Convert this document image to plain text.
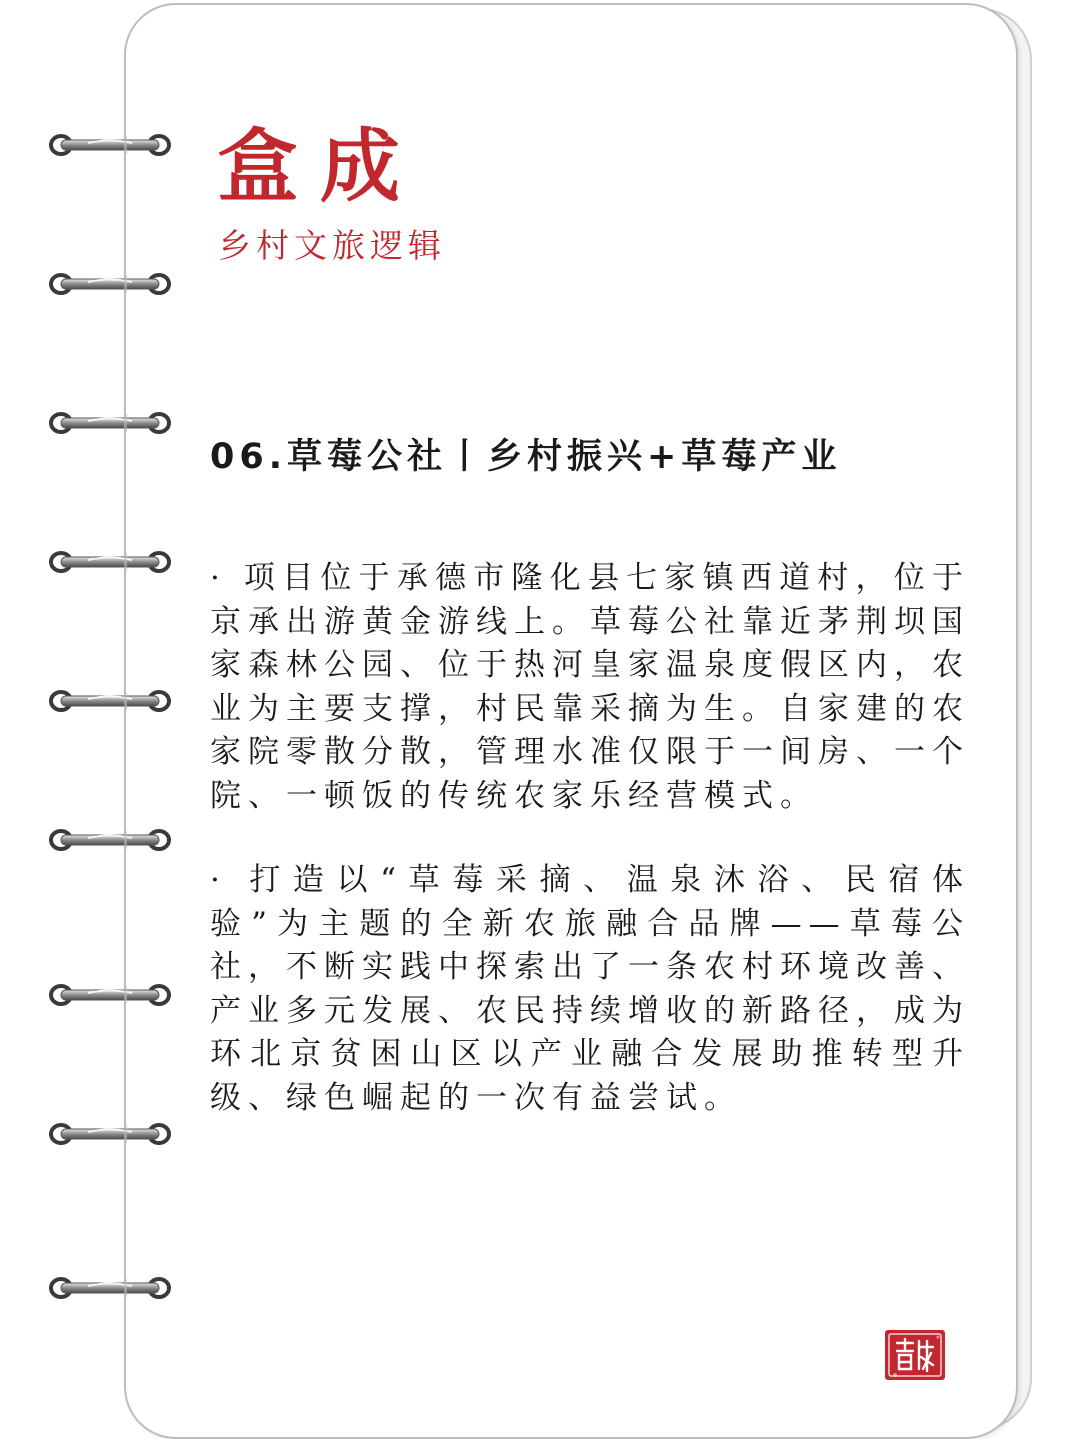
盒成
乡村文旅逻辑
06.草莓公社丨乡村振兴+草莓产业

· 项目位于承德市隆化县七家镇西道村，位于京承出游黄金游线上。草莓公社靠近茅荆坝国家森林公园、位于热河皇家温泉度假区内，农业为主要支撑，村民靠采摘为生。自家建的农家院零散分散，管理水准仅限于一间房、一个院、一顿饭的传统农家乐经营模式。

· 打造以“草莓采摘、温泉沐浴、民宿体验”为主题的全新农旅融合品牌——草莓公社，不断实践中探索出了一条农村环境改善、产业多元发展、农民持续增收的新路径，成为环北京贫困山区以产业融合发展助推转型升级、绿色崛起的一次有益尝试。
